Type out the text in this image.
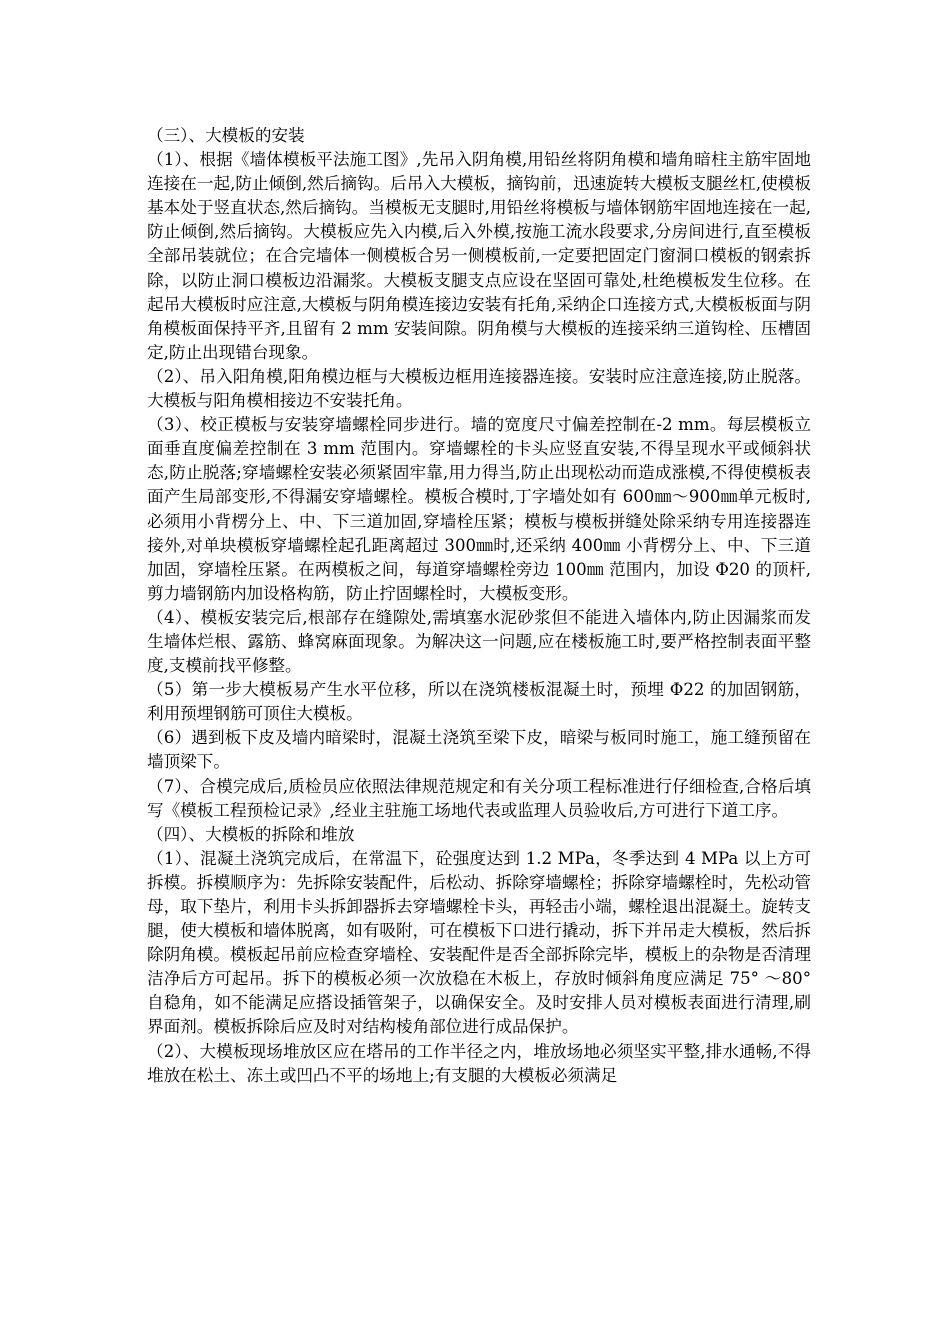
（三）、大模板的安装

（1）、根据《墙体模板平法施工图》,先吊入阴角模,用铅丝将阴角模和墙角暗柱主筋牢固地连接在一起,防止倾倒,然后摘钩。后吊入大模板，摘钩前，迅速旋转大模板支腿丝杠,使模板基本处于竖直状态,然后摘钩。当模板无支腿时,用铅丝将模板与墙体钢筋牢固地连接在一起,防止倾倒,然后摘钩。大模板应先入内模,后入外模,按施工流水段要求,分房间进行,直至模板全部吊装就位；在合完墙体一侧模板合另一侧模板前,一定要把固定门窗洞口模板的钢索拆除，以防止洞口模板边沿漏浆。大模板支腿支点应设在坚固可靠处,杜绝模板发生位移。在起吊大模板时应注意,大模板与阴角模连接边安装有托角,采纳企口连接方式,大模板板面与阴角模板面保持平齐,且留有 2 mm 安装间隙。阴角模与大模板的连接采纳三道钩栓、压槽固定,防止出现错台现象。

（2）、吊入阳角模,阳角模边框与大模板边框用连接器连接。安装时应注意连接,防止脱落。大模板与阳角模相接边不安装托角。

（3）、校正模板与安装穿墙螺栓同步进行。墙的宽度尺寸偏差控制在-2 mm。每层模板立面垂直度偏差控制在 3 mm 范围内。穿墙螺栓的卡头应竖直安装,不得呈现水平或倾斜状态,防止脱落;穿墙螺栓安装必须紧固牢靠,用力得当,防止出现松动而造成涨模,不得使模板表面产生局部变形,不得漏安穿墙螺栓。模板合模时,丁字墙处如有 600㎜～900㎜单元板时,必须用小背楞分上、中、下三道加固,穿墙栓压紧；模板与模板拼缝处除采纳专用连接器连接外,对单块模板穿墙螺栓起孔距离超过 300㎜时,还采纳 400㎜ 小背楞分上、中、下三道加固，穿墙栓压紧。在两模板之间，每道穿墙螺栓旁边 100㎜ 范围内，加设 Φ20 的顶杆,剪力墙钢筋内加设格构筋，防止拧固螺栓时，大模板变形。

（4）、模板安装完后,根部存在缝隙处,需填塞水泥砂浆但不能进入墙体内,防止因漏浆而发生墙体烂根、露筋、蜂窝麻面现象。为解决这一问题,应在楼板施工时,要严格控制表面平整度,支模前找平修整。

（5）第一步大模板易产生水平位移，所以在浇筑楼板混凝土时，预埋 Φ22 的加固钢筋，利用预埋钢筋可顶住大模板。

（6）遇到板下皮及墙内暗梁时，混凝土浇筑至梁下皮，暗梁与板同时施工，施工缝预留在墙顶梁下。

（7）、合模完成后,质检员应依照法律规范规定和有关分项工程标准进行仔细检查,合格后填写《模板工程预检记录》,经业主驻施工场地代表或监理人员验收后,方可进行下道工序。

（四）、大模板的拆除和堆放

（1）、混凝土浇筑完成后，在常温下，砼强度达到 1.2 MPa，冬季达到 4 MPa 以上方可拆模。拆模顺序为：先拆除安装配件，后松动、拆除穿墙螺栓；拆除穿墙螺栓时，先松动管母，取下垫片，利用卡头拆卸器拆去穿墙螺栓卡头，再轻击小端，螺栓退出混凝土。旋转支腿，使大模板和墙体脱离，如有吸附，可在模板下口进行撬动，拆下并吊走大模板，然后拆除阴角模。模板起吊前应检查穿墙栓、安装配件是否全部拆除完毕，模板上的杂物是否清理洁净后方可起吊。拆下的模板必须一次放稳在木板上，存放时倾斜角度应满足 75° ～80° 自稳角，如不能满足应搭设插管架子，以确保安全。及时安排人员对模板表面进行清理,刷界面剂。模板拆除后应及时对结构棱角部位进行成品保护。

（2）、大模板现场堆放区应在塔吊的工作半径之内，堆放场地必须坚实平整,排水通畅,不得堆放在松土、冻土或凹凸不平的场地上;有支腿的大模板必须满足
